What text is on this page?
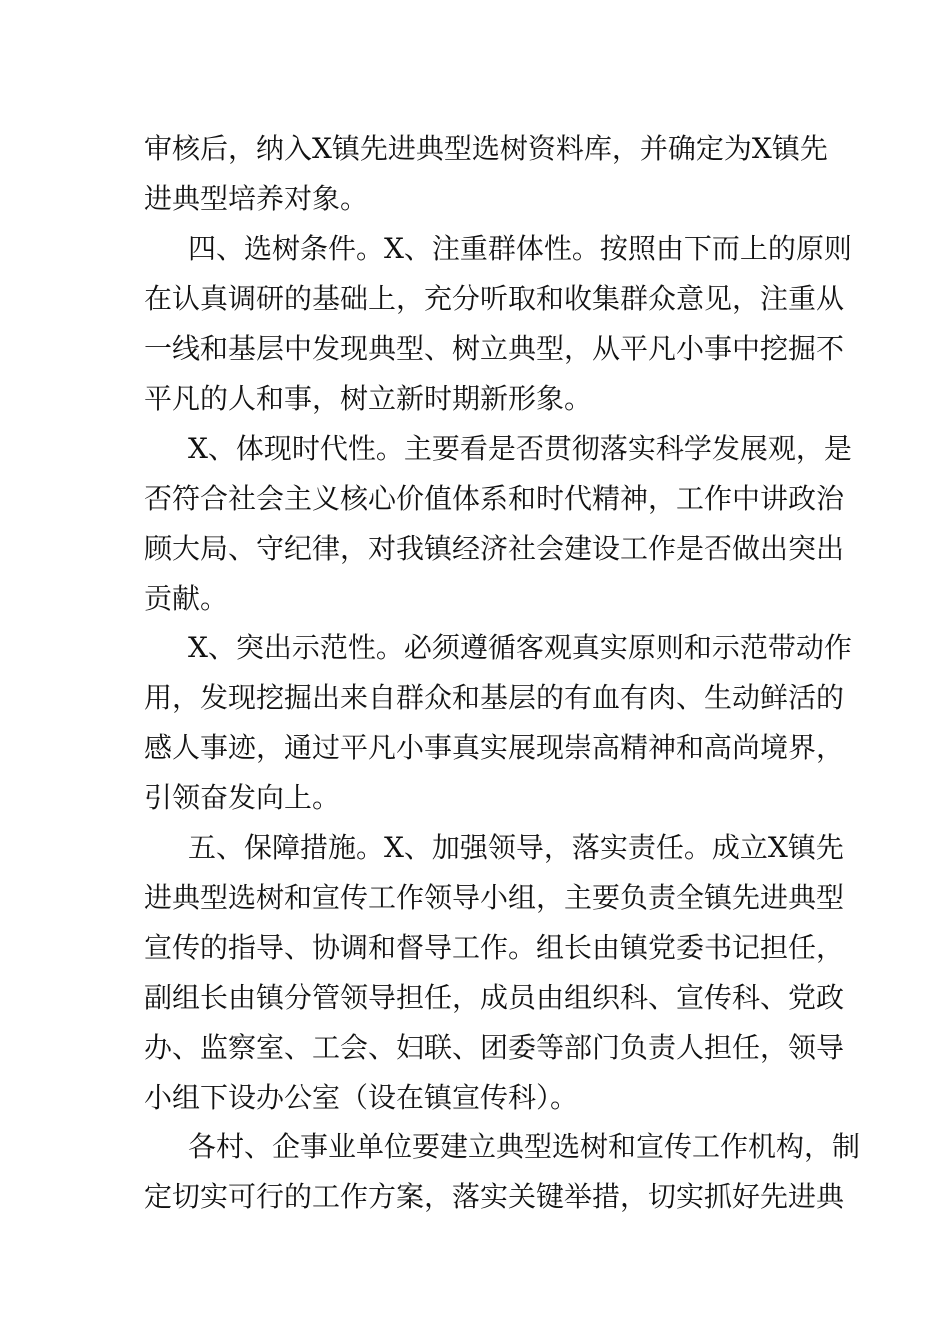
审核后，纳入X镇先进典型选树资料库，并确定为X镇先
进典型培养对象。
四、选树条件。X、注重群体性。按照由下而上的原则
在认真调研的基础上，充分听取和收集群众意见，注重从
一线和基层中发现典型、树立典型，从平凡小事中挖掘不
平凡的人和事，树立新时期新形象。
X、体现时代性。主要看是否贯彻落实科学发展观，是
否符合社会主义核心价值体系和时代精神，工作中讲政治
顾大局、守纪律，对我镇经济社会建设工作是否做出突出
贡献。
X、突出示范性。必须遵循客观真实原则和示范带动作
用，发现挖掘出来自群众和基层的有血有肉、生动鲜活的
感人事迹，通过平凡小事真实展现崇高精神和高尚境界，
引领奋发向上。
五、保障措施。X、加强领导，落实责任。成立X镇先
进典型选树和宣传工作领导小组，主要负责全镇先进典型
宣传的指导、协调和督导工作。组长由镇党委书记担任，
副组长由镇分管领导担任，成员由组织科、宣传科、党政
办、监察室、工会、妇联、团委等部门负责人担任，领导
小组下设办公室（设在镇宣传科）。
各村、企事业单位要建立典型选树和宣传工作机构，制
定切实可行的工作方案，落实关键举措，切实抓好先进典
